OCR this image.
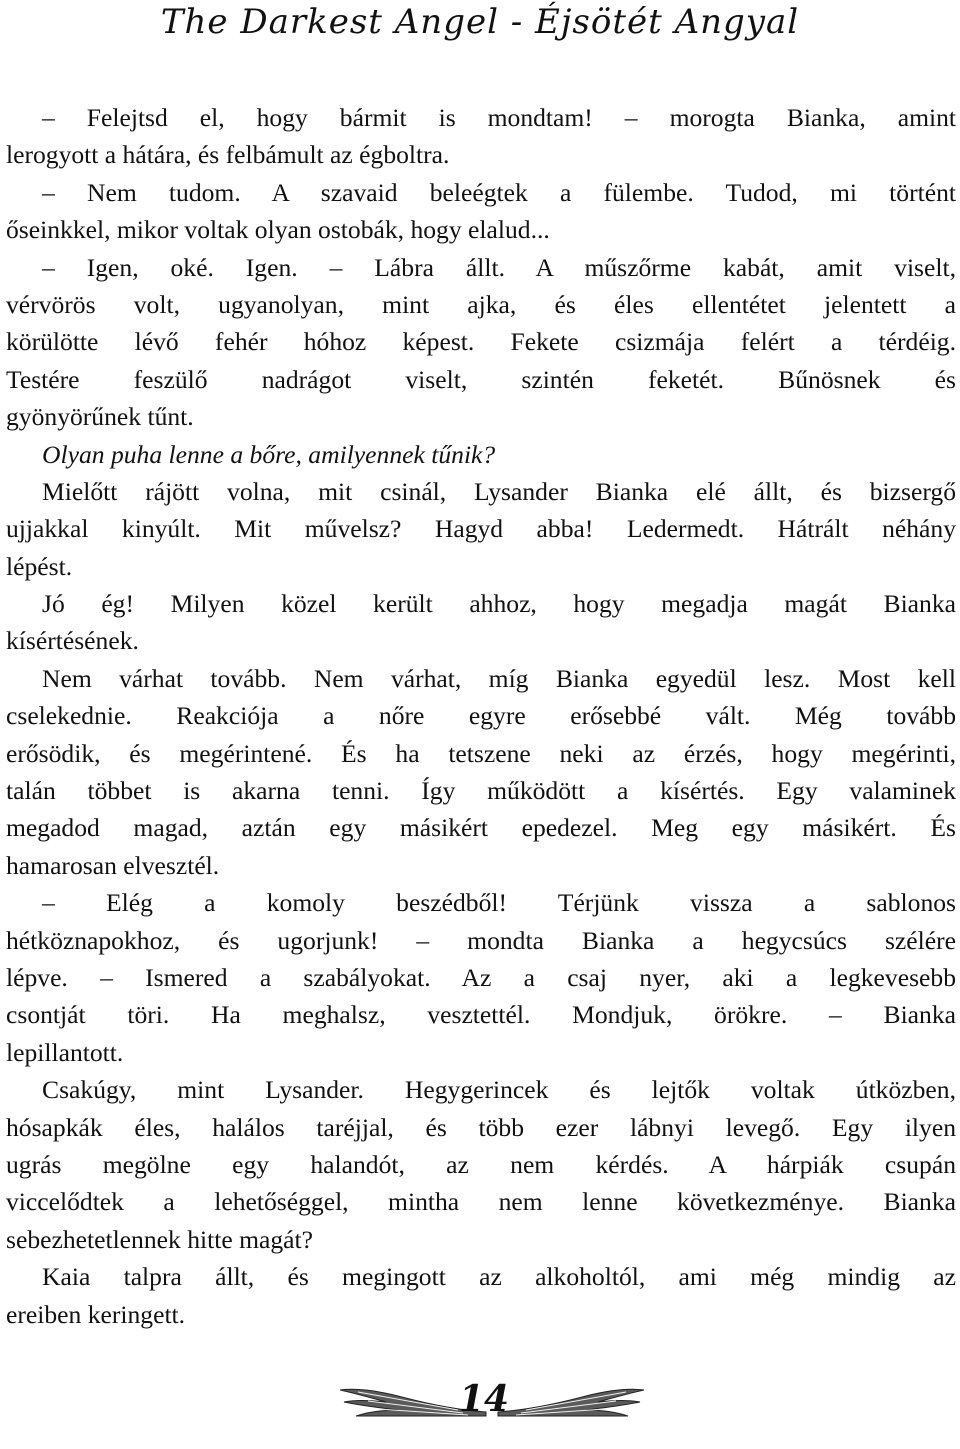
The Darkest Angel - Éjsötét Angyal
– Felejtsd el, hogy bármit is mondtam! – morogta Bianka, amint
lerogyott a hátára, és felbámult az égboltra.
– Nem tudom. A szavaid beleégtek a fülembe. Tudod, mi történt
őseinkkel, mikor voltak olyan ostobák, hogy elalud...
– Igen, oké. Igen. – Lábra állt. A műszőrme kabát, amit viselt,
vérvörös volt, ugyanolyan, mint ajka, és éles ellentétet jelentett a
körülötte lévő fehér hóhoz képest. Fekete csizmája felért a térdéig.
Testére feszülő nadrágot viselt, szintén feketét. Bűnösnek és
gyönyörűnek tűnt.
Olyan puha lenne a bőre, amilyennek tűnik?
Mielőtt rájött volna, mit csinál, Lysander Bianka elé állt, és bizsergő
ujjakkal kinyúlt. Mit művelsz? Hagyd abba! Ledermedt. Hátrált néhány
lépést.
Jó ég! Milyen közel került ahhoz, hogy megadja magát Bianka
kísértésének.
Nem várhat tovább. Nem várhat, míg Bianka egyedül lesz. Most kell
cselekednie. Reakciója a nőre egyre erősebbé vált. Még tovább
erősödik, és megérintené. És ha tetszene neki az érzés, hogy megérinti,
talán többet is akarna tenni. Így működött a kísértés. Egy valaminek
megadod magad, aztán egy másikért epedezel. Meg egy másikért. És
hamarosan elvesztél.
– Elég a komoly beszédből! Térjünk vissza a sablonos
hétköznapokhoz, és ugorjunk! – mondta Bianka a hegycsúcs szélére
lépve. – Ismered a szabályokat. Az a csaj nyer, aki a legkevesebb
csontját töri. Ha meghalsz, vesztettél. Mondjuk, örökre. – Bianka
lepillantott.
Csakúgy, mint Lysander. Hegygerincek és lejtők voltak útközben,
hósapkák éles, halálos taréjjal, és több ezer lábnyi levegő. Egy ilyen
ugrás megölne egy halandót, az nem kérdés. A hárpiák csupán
viccelődtek a lehetőséggel, mintha nem lenne következménye. Bianka
sebezhetetlennek hitte magát?
Kaia talpra állt, és megingott az alkoholtól, ami még mindig az
ereiben keringett.
14
